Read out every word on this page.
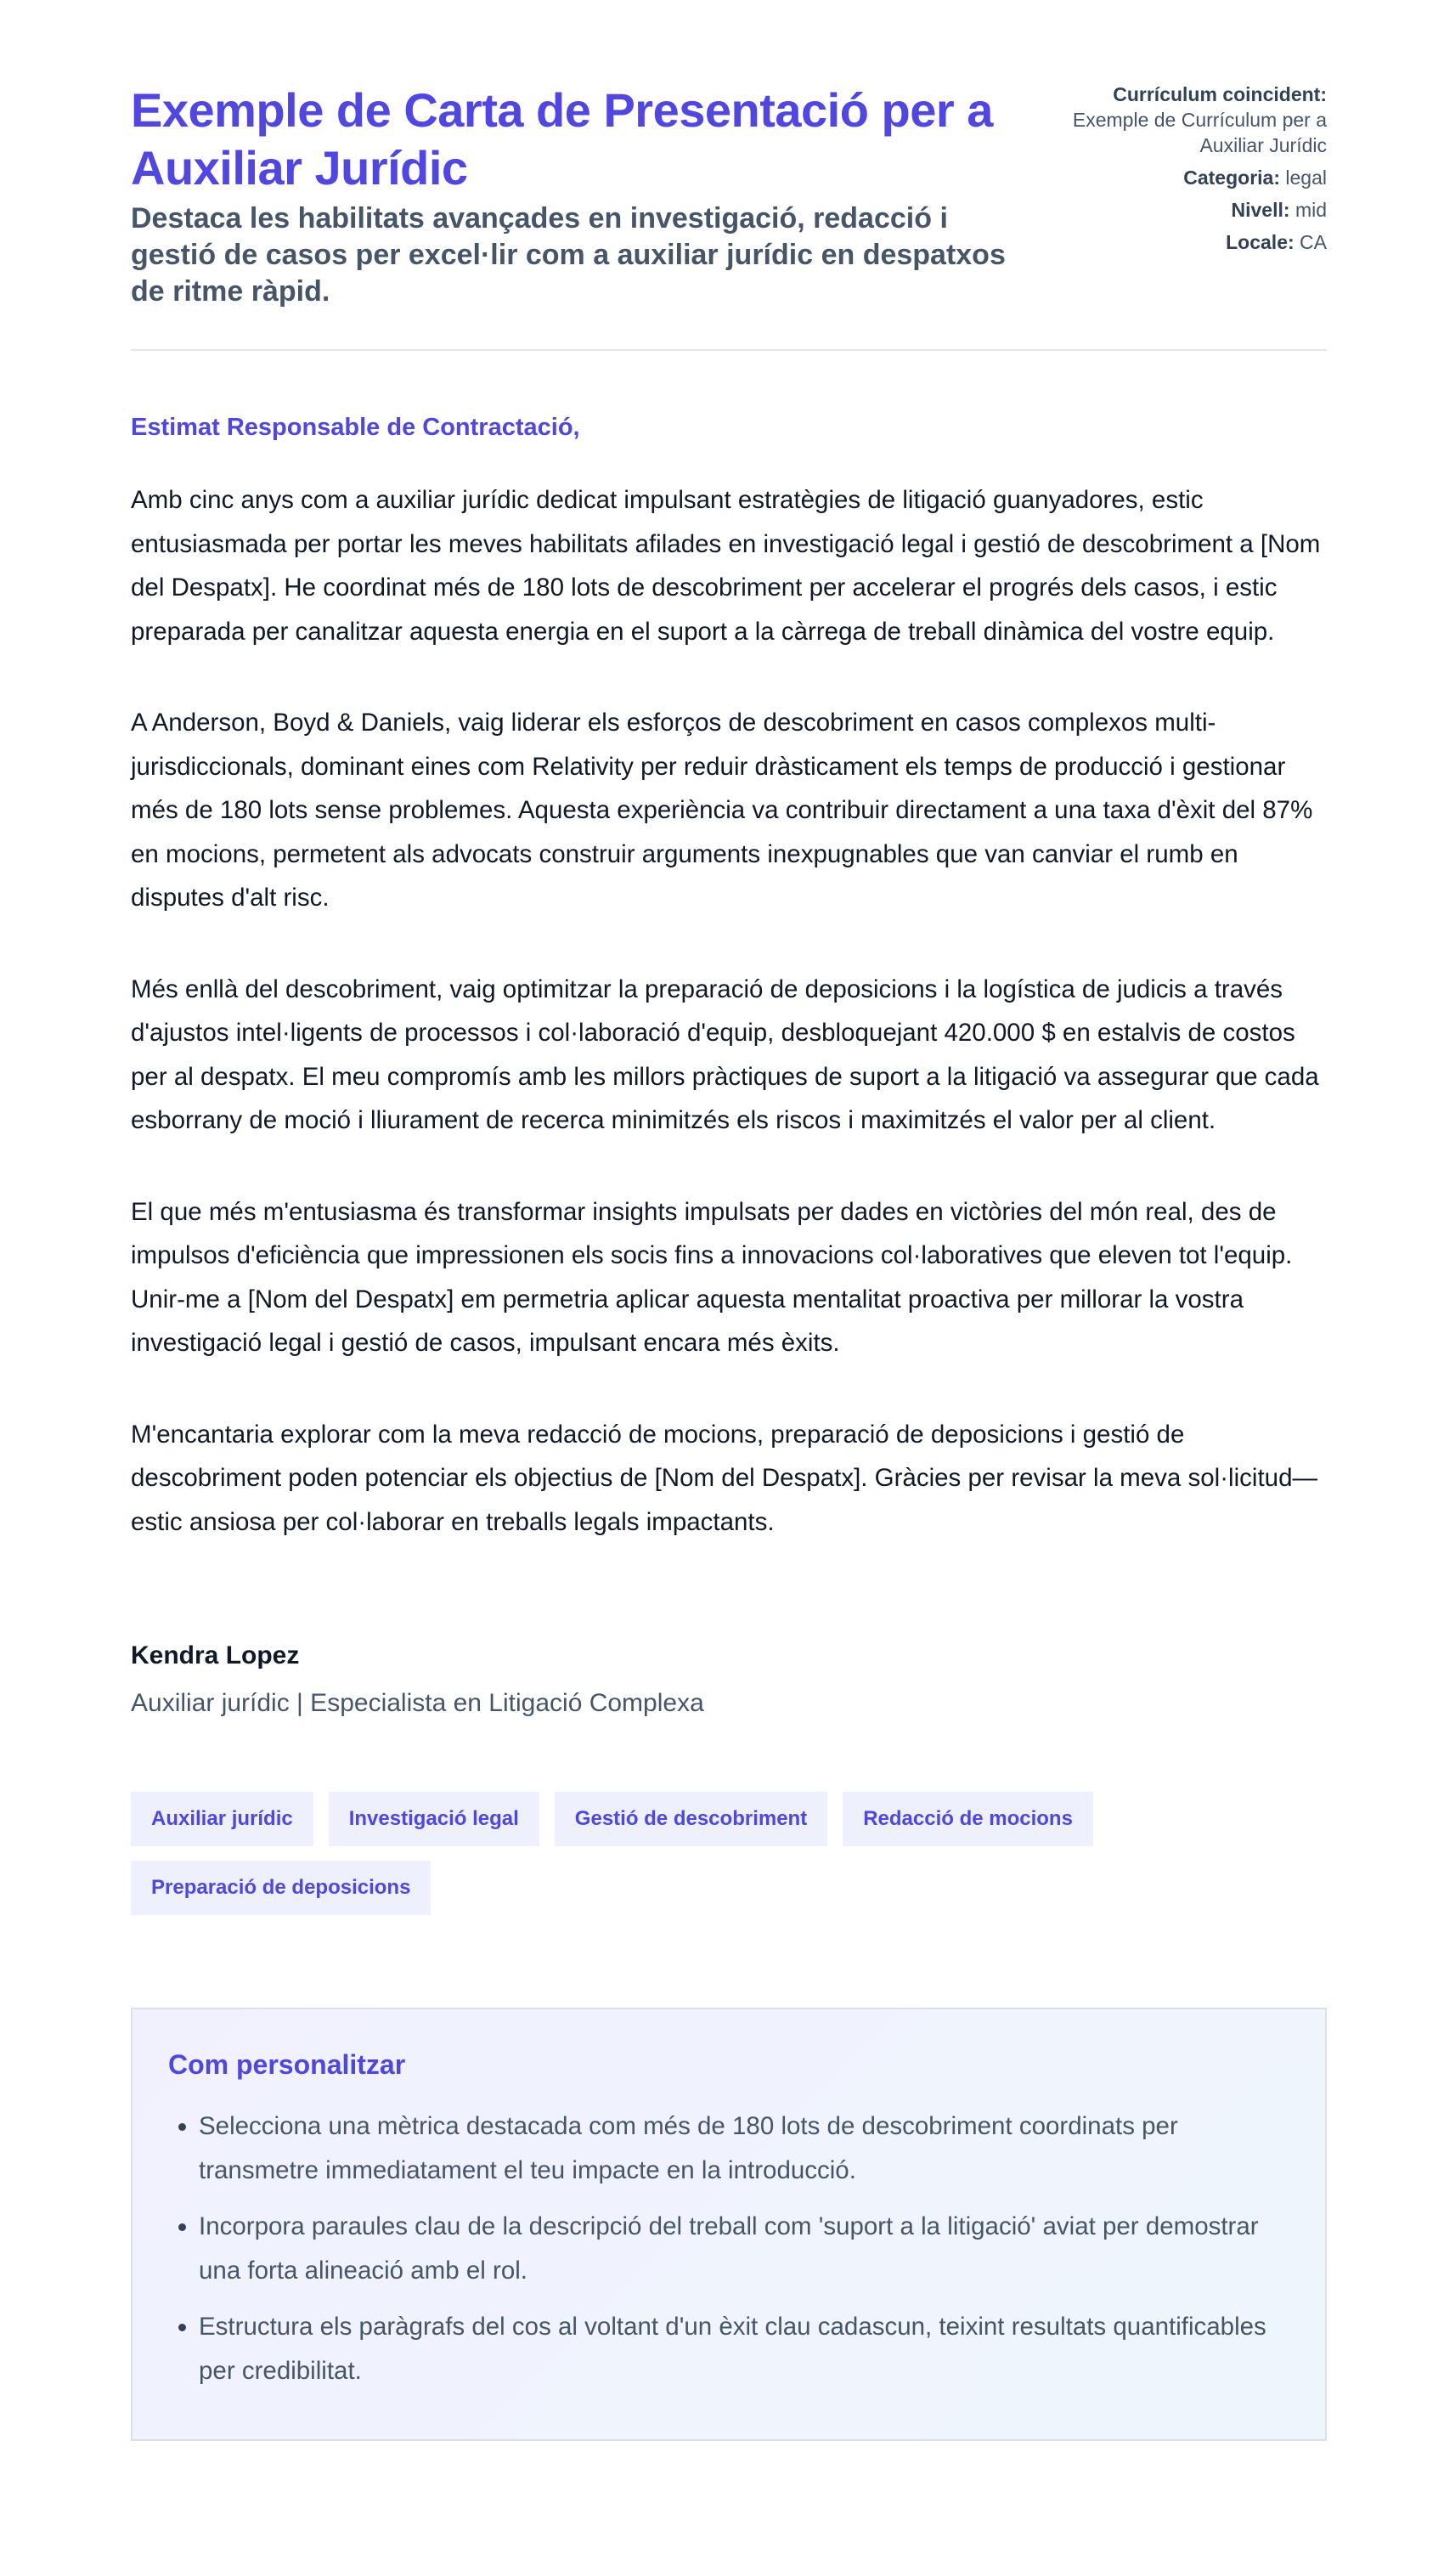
Exemple de Carta de Presentació per a Auxiliar Jurídic
Destaca les habilitats avançades en investigació, redacció i gestió de casos per excel·lir com a auxiliar jurídic en despatxos de ritme ràpid.
Currículum coincident:
Exemple de Currículum per a Auxiliar Jurídic
Categoria: legal
Nivell: mid
Locale: CA

Estimat Responsable de Contractació,

Amb cinc anys com a auxiliar jurídic dedicat impulsant estratègies de litigació guanyadores, estic entusiasmada per portar les meves habilitats afilades en investigació legal i gestió de descobriment a [Nom del Despatx]. He coordinat més de 180 lots de descobriment per accelerar el progrés dels casos, i estic preparada per canalitzar aquesta energia en el suport a la càrrega de treball dinàmica del vostre equip.

A Anderson, Boyd & Daniels, vaig liderar els esforços de descobriment en casos complexos multi-jurisdiccionals, dominant eines com Relativity per reduir dràsticament els temps de producció i gestionar més de 180 lots sense problemes. Aquesta experiència va contribuir directament a una taxa d'èxit del 87% en mocions, permetent als advocats construir arguments inexpugnables que van canviar el rumb en disputes d'alt risc.

Més enllà del descobriment, vaig optimitzar la preparació de deposicions i la logística de judicis a través d'ajustos intel·ligents de processos i col·laboració d'equip, desbloquejant 420.000 $ en estalvis de costos per al despatx. El meu compromís amb les millors pràctiques de suport a la litigació va assegurar que cada esborrany de moció i lliurament de recerca minimitzés els riscos i maximitzés el valor per al client.

El que més m'entusiasma és transformar insights impulsats per dades en victòries del món real, des de impulsos d'eficiència que impressionen els socis fins a innovacions col·laboratives que eleven tot l'equip. Unir-me a [Nom del Despatx] em permetria aplicar aquesta mentalitat proactiva per millorar la vostra investigació legal i gestió de casos, impulsant encara més èxits.

M'encantaria explorar com la meva redacció de mocions, preparació de deposicions i gestió de descobriment poden potenciar els objectius de [Nom del Despatx]. Gràcies per revisar la meva sol·licitud—estic ansiosa per col·laborar en treballs legals impactants.

Kendra Lopez

Auxiliar jurídic | Especialista en Litigació Complexa

Auxiliar jurídic	Investigació legal	Gestió de descobriment	Redacció de mocions
Preparació de deposicions
Com personalitzar
• Selecciona una mètrica destacada com més de 180 lots de descobriment coordinats per transmetre immediatament el teu impacte en la introducció.
• Incorpora paraules clau de la descripció del treball com 'suport a la litigació' aviat per demostrar una forta alineació amb el rol.
• Estructura els paràgrafs del cos al voltant d'un èxit clau cadascun, teixint resultats quantificables per credibilitat.
